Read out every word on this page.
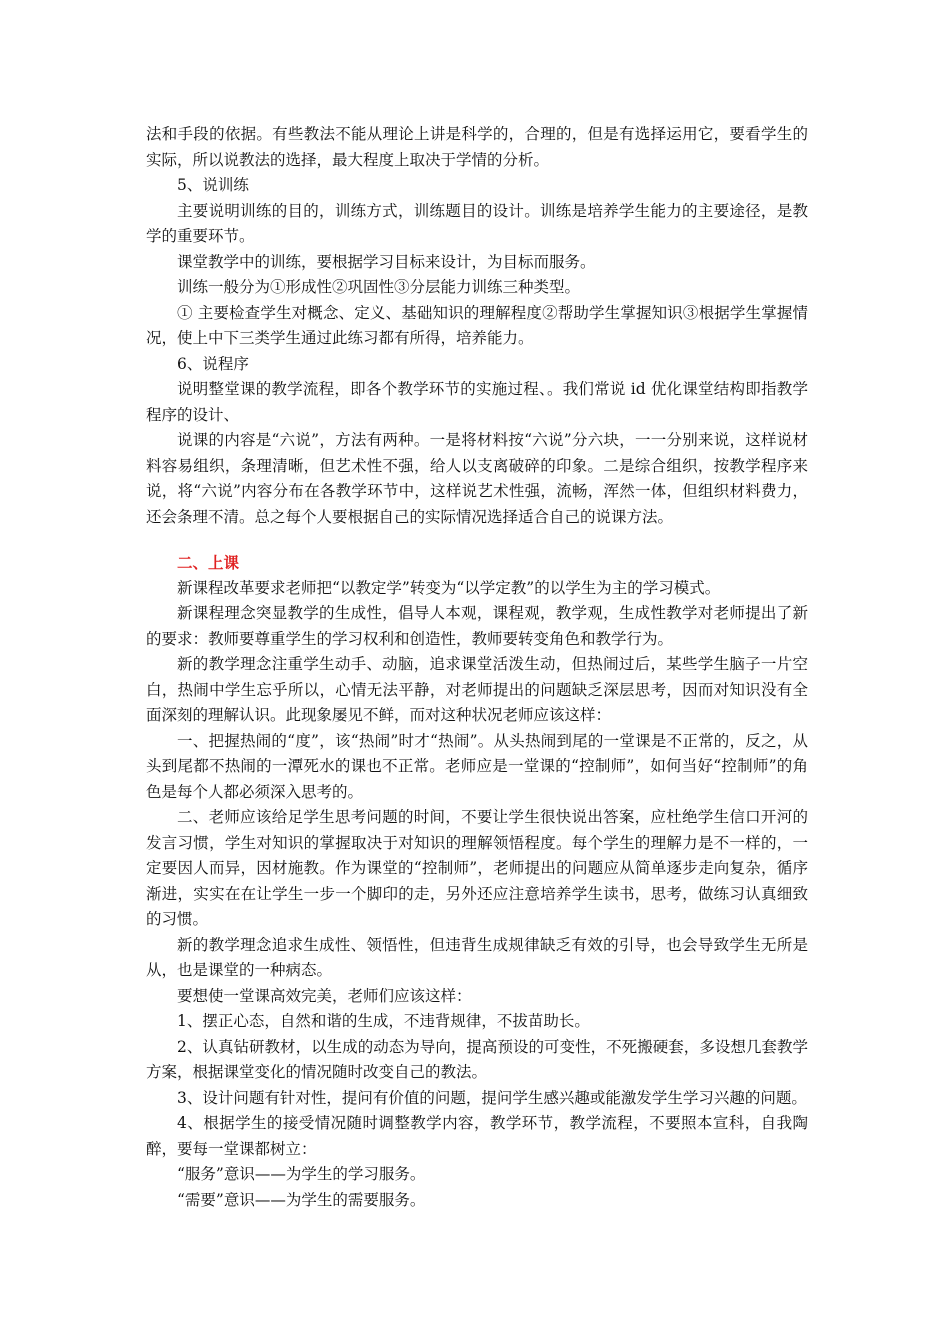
法和手段的依据。有些教法不能从理论上讲是科学的，合理的，但是有选择运用它，要看学生的实际，所以说教法的选择，最大程度上取决于学情的分析。

5、说训练

主要说明训练的目的，训练方式，训练题目的设计。训练是培养学生能力的主要途径，是教学的重要环节。

课堂教学中的训练，要根据学习目标来设计，为目标而服务。

训练一般分为①形成性②巩固性③分层能力训练三种类型。

① 主要检查学生对概念、定义、基础知识的理解程度②帮助学生掌握知识③根据学生掌握情况，使上中下三类学生通过此练习都有所得，培养能力。

6、说程序

说明整堂课的教学流程，即各个教学环节的实施过程、。我们常说 id 优化课堂结构即指教学程序的设计、

说课的内容是“六说”，方法有两种。一是将材料按“六说”分六块，一一分别来说，这样说材料容易组织，条理清晰，但艺术性不强，给人以支离破碎的印象。二是综合组织，按教学程序来说，将“六说”内容分布在各教学环节中，这样说艺术性强，流畅，浑然一体，但组织材料费力，还会条理不清。总之每个人要根据自己的实际情况选择适合自己的说课方法。

二、上课

新课程改革要求老师把“以教定学”转变为“以学定教”的以学生为主的学习模式。

新课程理念突显教学的生成性，倡导人本观，课程观，教学观，生成性教学对老师提出了新的要求：教师要尊重学生的学习权利和创造性，教师要转变角色和教学行为。

新的教学理念注重学生动手、动脑，追求课堂活泼生动，但热闹过后，某些学生脑子一片空白，热闹中学生忘乎所以，心情无法平静，对老师提出的问题缺乏深层思考，因而对知识没有全面深刻的理解认识。此现象屡见不鲜，而对这种状况老师应该这样：

一、把握热闹的“度”，该“热闹”时才“热闹”。从头热闹到尾的一堂课是不正常的，反之，从头到尾都不热闹的一潭死水的课也不正常。老师应是一堂课的“控制师”，如何当好“控制师”的角色是每个人都必须深入思考的。

二、老师应该给足学生思考问题的时间，不要让学生很快说出答案，应杜绝学生信口开河的发言习惯，学生对知识的掌握取决于对知识的理解领悟程度。每个学生的理解力是不一样的，一定要因人而异，因材施教。作为课堂的“控制师”，老师提出的问题应从简单逐步走向复杂，循序渐进，实实在在让学生一步一个脚印的走，另外还应注意培养学生读书，思考，做练习认真细致的习惯。

新的教学理念追求生成性、领悟性，但违背生成规律缺乏有效的引导，也会导致学生无所是从，也是课堂的一种病态。

要想使一堂课高效完美，老师们应该这样：

1、摆正心态，自然和谐的生成，不违背规律，不拔苗助长。

2、认真钻研教材，以生成的动态为导向，提高预设的可变性，不死搬硬套，多设想几套教学方案，根据课堂变化的情况随时改变自己的教法。

3、设计问题有针对性，提问有价值的问题，提问学生感兴趣或能激发学生学习兴趣的问题。

4、根据学生的接受情况随时调整教学内容，教学环节，教学流程，不要照本宣科，自我陶醉，要每一堂课都树立：

“服务”意识——为学生的学习服务。

“需要”意识——为学生的需要服务。
